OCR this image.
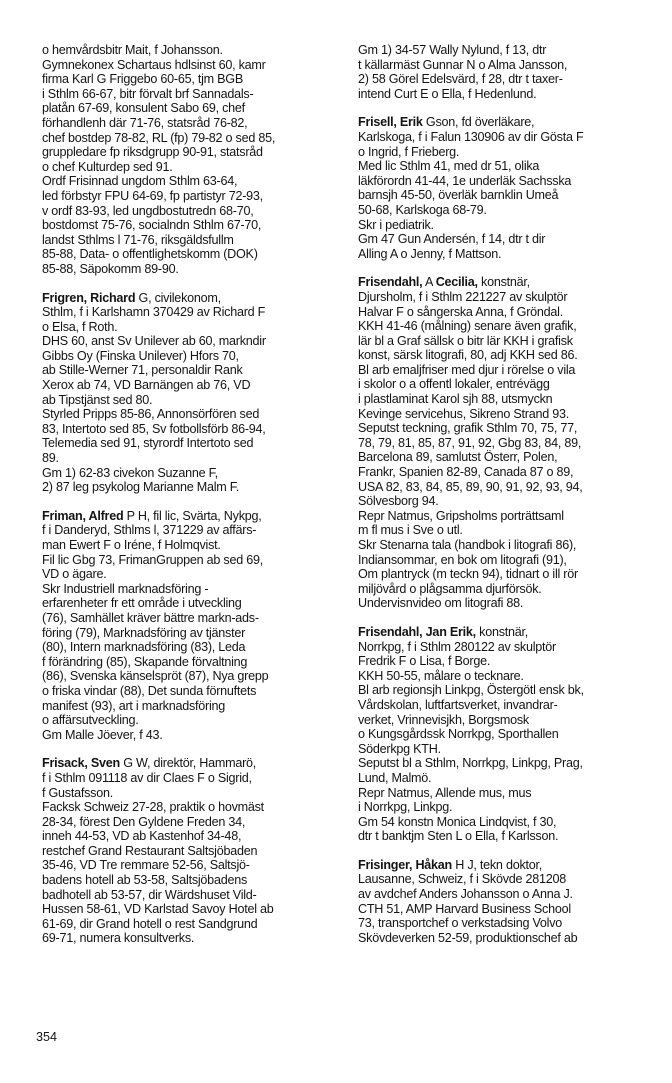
o hemvårdsbitr Mait, f Johansson.
Gymnekonex Schartaus hdlsinst 60, kamr
firma Karl G Friggebo 60-65, tjm BGB
i Sthlm 66-67, bitr förvalt brf Sannadals-
platån 67-69, konsulent Sabo 69, chef
förhandlenh där 71-76, statsråd 76-82,
chef bostdep 78-82, RL (fp) 79-82 o sed 85,
gruppledare fp riksdgrupp 90-91, statsråd
o chef Kulturdep sed 91.
Ordf Frisinnad ungdom Sthlm 63-64,
led förbstyr FPU 64-69, fp partistyr 72-93,
v ordf 83-93, led ungdbostutredn 68-70,
bostdomst 75-76, socialndn Sthlm 67-70,
landst Sthlms l 71-76, riksgäldsfullm
85-88, Data- o offentlighetskomm (DOK)
85-88, Säpokomm 89-90.
Frigren, Richard G, civilekonom,
Sthlm, f i Karlshamn 370429 av Richard F
o Elsa, f Roth.
DHS 60, anst Sv Unilever ab 60, markndir
Gibbs Oy (Finska Unilever) Hfors 70,
ab Stille-Werner 71, personaldir Rank
Xerox ab 74, VD Barnängen ab 76, VD
ab Tipstjänst sed 80.
Styrled Pripps 85-86, Annonsörfören sed
83, Intertoto sed 85, Sv fotbollsförb 86-94,
Telemedia sed 91, styrordf Intertoto sed
89.
Gm 1) 62-83 civekon Suzanne F,
2) 87 leg psykolog Marianne Malm F.
Friman, Alfred P H, fil lic, Svärta, Nykpg,
f i Danderyd, Sthlms l, 371229 av affärs-
man Ewert F o Iréne, f Holmqvist.
Fil lic Gbg 73, FrimanGruppen ab sed 69,
VD o ägare.
Skr Industriell marknadsföring -
erfarenheter fr ett område i utveckling
(76), Samhället kräver bättre markn-ads-
föring (79), Marknadsföring av tjänster
(80), Intern marknadsföring (83), Leda
f förändring (85), Skapande förvaltning
(86), Svenska känselspröt (87), Nya grepp
o friska vindar (88), Det sunda förnuftets
manifest (93), art i marknadsföring
o affärsutveckling.
Gm Malle Jöever, f 43.
Frisack, Sven G W, direktör, Hammarö,
f i Sthlm 091118 av dir Claes F o Sigrid,
f Gustafsson.
Facksk Schweiz 27-28, praktik o hovmäst
28-34, förest Den Gyldene Freden 34,
inneh 44-53, VD ab Kastenhof 34-48,
restchef Grand Restaurant Saltsjöbaden
35-46, VD Tre remmare 52-56, Saltsjö-
badens hotell ab 53-58, Saltsjöbadens
badhotell ab 53-57, dir Wärdshuset Vild-
Hussen 58-61, VD Karlstad Savoy Hotel ab
61-69, dir Grand hotell o rest Sandgrund
69-71, numera konsultverks.
Gm 1) 34-57 Wally Nylund, f 13, dtr
t källarmäst Gunnar N o Alma Jansson,
2) 58 Görel Edelsvärd, f 28, dtr t taxer-
intend Curt E o Ella, f Hedenlund.
Frisell, Erik Gson, fd överläkare,
Karlskoga, f i Falun 130906 av dir Gösta F
o Ingrid, f Frieberg.
Med lic Sthlm 41, med dr 51, olika
läkförordn 41-44, 1e underläk Sachsska
barnsjh 45-50, överläk barnklin Umeå
50-68, Karlskoga 68-79.
Skr i pediatrik.
Gm 47 Gun Andersén, f 14, dtr t dir
Alling A o Jenny, f Mattson.
Frisendahl, A Cecilia, konstnär,
Djursholm, f i Sthlm 221227 av skulptör
Halvar F o sångerska Anna, f Gröndal.
KKH 41-46 (målning) senare även grafik,
lär bl a Graf sällsk o bitr lär KKH i grafisk
konst, särsk litografi, 80, adj KKH sed 86.
Bl arb emaljfriser med djur i rörelse o vila
i skolor o a offentl lokaler, entrévägg
i plastlaminat Karol sjh 88, utsmyckn
Kevinge servicehus, Sikreno Strand 93.
Seputst teckning, grafik Sthlm 70, 75, 77,
78, 79, 81, 85, 87, 91, 92, Gbg 83, 84, 89,
Barcelona 89, samlutst Österr, Polen,
Frankr, Spanien 82-89, Canada 87 o 89,
USA 82, 83, 84, 85, 89, 90, 91, 92, 93, 94,
Sölvesborg 94.
Repr Natmus, Gripsholms porträttsaml
m fl mus i Sve o utl.
Skr Stenarna tala (handbok i litografi 86),
Indiansommar, en bok om litografi (91),
Om plantryck (m teckn 94), tidnart o ill rör
miljövård o plågsamma djurförsök.
Undervisnvideo om litografi 88.
Frisendahl, Jan Erik, konstnär,
Norrkpg, f i Sthlm 280122 av skulptör
Fredrik F o Lisa, f Borge.
KKH 50-55, målare o tecknare.
Bl arb regionsjh Linkpg, Östergötl ensk bk,
Vårdskolan, luftfartsverket, invandrar-
verket, Vrinnevisjkh, Borgsmosk
o Kungsgårdssk Norrkpg, Sporthallen
Söderkpg KTH.
Seputst bl a Sthlm, Norrkpg, Linkpg, Prag,
Lund, Malmö.
Repr Natmus, Allende mus, mus
i Norrkpg, Linkpg.
Gm 54 konstn Monica Lindqvist, f 30,
dtr t banktjm Sten L o Ella, f Karlsson.
Frisinger, Håkan H J, tekn doktor,
Lausanne, Schweiz, f i Skövde 281208
av avdchef Anders Johansson o Anna J.
CTH 51, AMP Harvard Business School
73, transportchef o verkstadsing Volvo
Skövdeverken 52-59, produktionschef ab
354
